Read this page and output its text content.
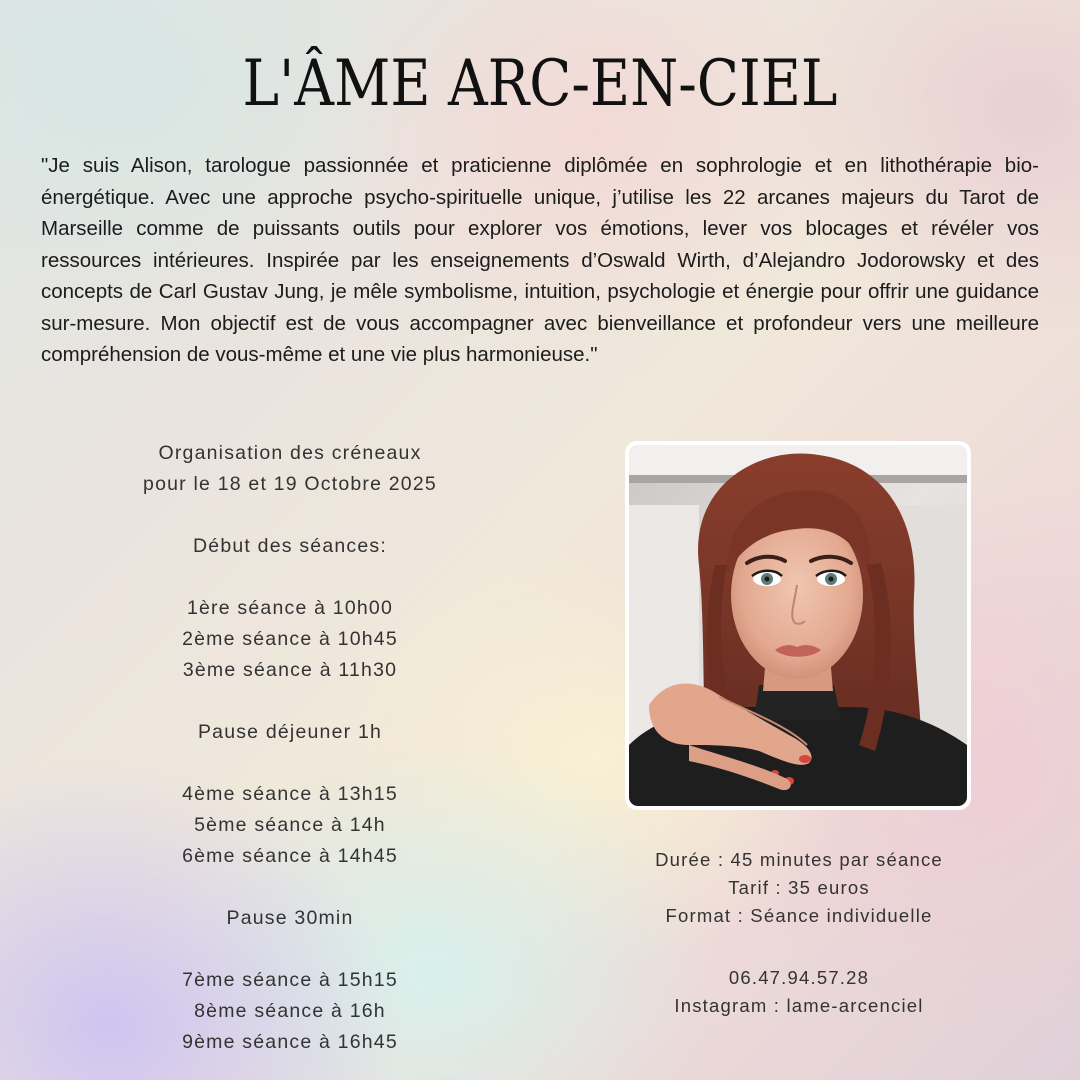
L'ÂME ARC-EN-CIEL

"Je suis Alison, tarologue passionnée et praticienne diplômée en sophrologie et en lithothérapie bio-énergétique. Avec une approche psycho-spirituelle unique, j’utilise les 22 arcanes majeurs du Tarot de Marseille comme de puissants outils pour explorer vos émotions, lever vos blocages et révéler vos ressources intérieures. Inspirée par les enseignements d’Oswald Wirth, d’Alejandro Jodorowsky et des concepts de Carl Gustav Jung, je mêle symbolisme, intuition, psychologie et énergie pour offrir une guidance sur-mesure. Mon objectif est de vous accompagner avec bienveillance et profondeur vers une meilleure compréhension de vous-même et une vie plus harmonieuse."

Organisation des créneaux
pour le 18 et 19 Octobre 2025
Début des séances:
1ère séance à 10h00
2ème séance à 10h45
3ème séance à 11h30
Pause déjeuner 1h
4ème séance à 13h15
5ème séance à 14h
6ème séance à 14h45
Pause 30min
7ème séance à 15h15
8ème séance à 16h
9ème séance à 16h45
Durée : 45 minutes par séance
Tarif : 35 euros
Format : Séance individuelle
06.47.94.57.28
Instagram : lame-arcenciel
